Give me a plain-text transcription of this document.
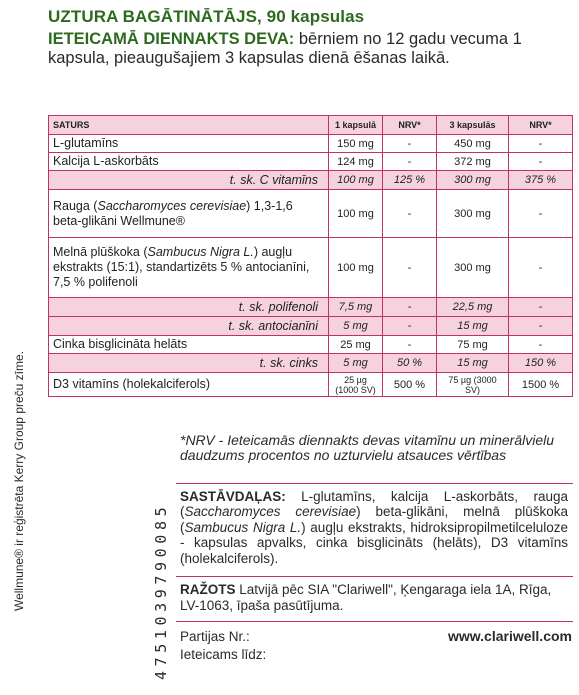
UZTURA BAGĀTINĀTĀJS, 90 kapsulas
IETEICAMĀ DIENNAKTS DEVA: bērniem no 12 gadu vecuma 1 kapsula, pieaugušajiem 3 kapsulas dienā ēšanas laikā.
SATURS	1 kapsulā	NRV*	3 kapsulās	NRV*
L-glutamīns	150 mg	-	450 mg	-
Kalcija L-askorbāts	124 mg	-	372 mg	-
t. sk. C vitamīns	100 mg	125 %	300 mg	375 %
Rauga (Saccharomyces cerevisiae) 1,3-1,6 beta-glikāni Wellmune®	100 mg	-	300 mg	-
Melnā plūškoka (Sambucus Nigra L.) augļu ekstrakts (15:1), standartizēts 5 % antocianīni, 7,5 % polifenoli	100 mg	-	300 mg	-
t. sk. polifenoli	7,5 mg	-	22,5 mg	-
t. sk. antocianīni	5 mg	-	15 mg	-
Cinka bisglicināta helāts	25 mg	-	75 mg	-
t. sk. cinks	5 mg	50 %	15 mg	150 %
D3 vitamīns (holekalciferols)	25 µg (1000 SV)	500 %	75 µg (3000 SV)	1500 %
Wellmune® ir reģistrēta Kerry Group preču zīme.	4751039790085
*NRV - Ieteicamās diennakts devas vitamīnu un minerālvielu daudzums procentos no uzturvielu atsauces vērtības
SASTĀVDAĻAS: L-glutamīns, kalcija L-askorbāts, rauga (Saccharomyces cerevisiae) beta-glikāni, melnā plūškoka (Sambucus Nigra L.) augļu ekstrakts, hidroksipropilmetilceluloze - kapsulas apvalks, cinka bisglicināts (helāts), D3 vitamīns (holekalciferols).
RAŽOTS Latvijā pēc SIA "Clariwell", Ķengaraga iela 1A, Rīga, LV-1063, īpaša pasūtījuma.
Partijas Nr.:
Ieteicams līdz:
www.clariwell.com
